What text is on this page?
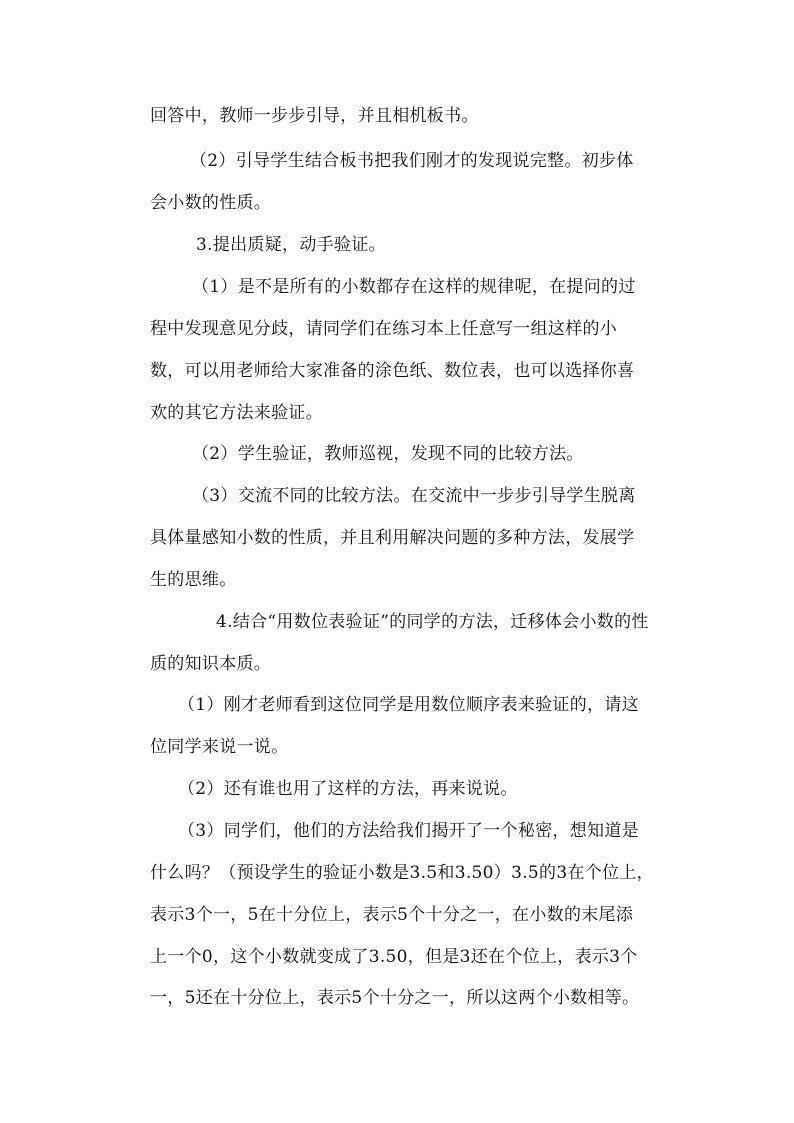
回答中，教师一步步引导，并且相机板书。
（2）引导学生结合板书把我们刚才的发现说完整。初步体
会小数的性质。
3.提出质疑，动手验证。
（1）是不是所有的小数都存在这样的规律呢，在提问的过
程中发现意见分歧，请同学们在练习本上任意写一组这样的小
数，可以用老师给大家准备的涂色纸、数位表，也可以选择你喜
欢的其它方法来验证。
（2）学生验证，教师巡视，发现不同的比较方法。
（3）交流不同的比较方法。在交流中一步步引导学生脱离
具体量感知小数的性质，并且利用解决问题的多种方法，发展学
生的思维。
4.结合“用数位表验证”的同学的方法，迁移体会小数的性
质的知识本质。
（1）刚才老师看到这位同学是用数位顺序表来验证的，请这
位同学来说一说。
（2）还有谁也用了这样的方法，再来说说。
（3）同学们，他们的方法给我们揭开了一个秘密，想知道是
什么吗？（预设学生的验证小数是3.5和3.50）3.5的3在个位上，
表示3个一，5在十分位上，表示5个十分之一，在小数的末尾添
上一个0，这个小数就变成了3.50，但是3还在个位上，表示3个
一，5还在十分位上，表示5个十分之一，所以这两个小数相等。
